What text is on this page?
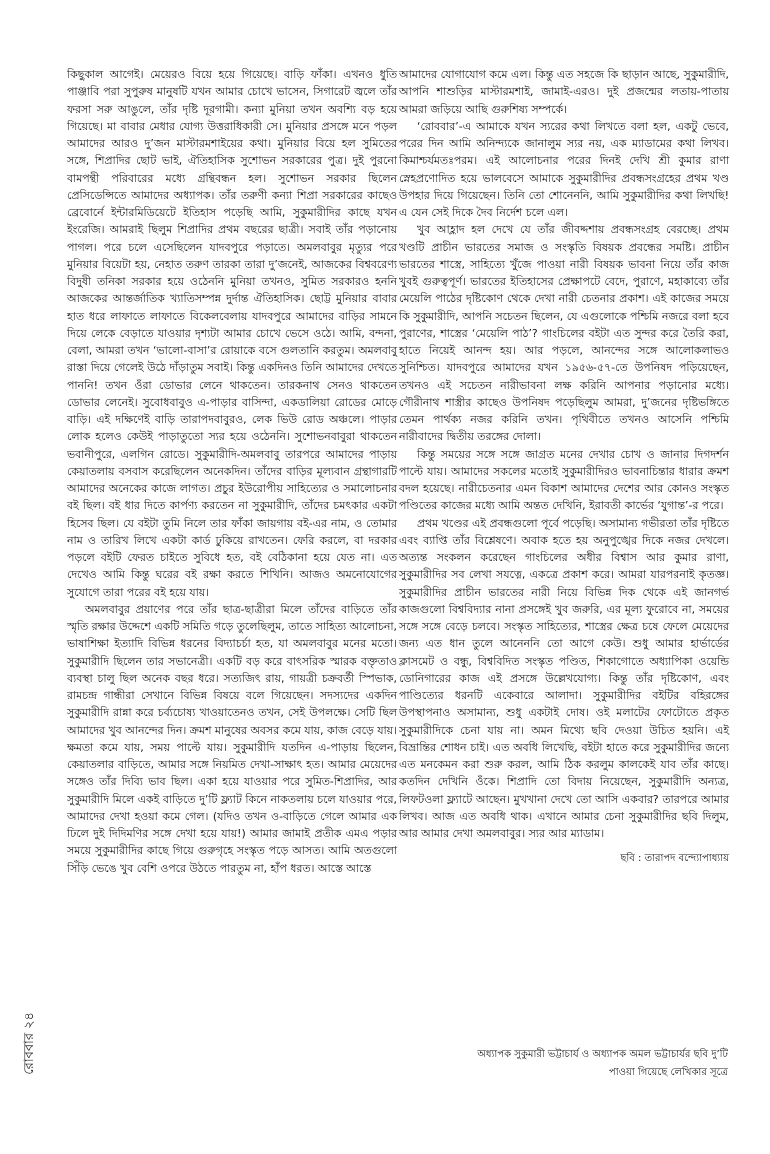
রোববার ২৪

কিছুকাল আগেই। মেয়েরও বিয়ে হয়ে গিয়েছে। বাড়ি ফাঁকা। এখনও ধুতি পাঞ্জাবি পরা সুপুরুষ মানুষটি যখন আমার চোখে ভাসেন, সিগারেট জ্বলে তাঁর ফরসা সরু আঙুলে, তাঁর দৃষ্টি দূরগামী। কন্যা মুনিয়া তখন অবশ্যি বড় হয়ে গিয়েছে। মা বাবার মেধার যোগ্য উত্তরাধিকারী সে। মুনিয়ার প্রসঙ্গে মনে পড়ল আমাদের আরও দু’জন মাস্টারমশাইয়ের কথা। মুনিয়ার বিয়ে হল সুমিতের সঙ্গে, শিপ্রাদির ছোট ভাই, ঐতিহাসিক সুশোভন সরকারের পুত্র। দুই পুরনো বামপন্থী পরিবারের মধ্যে গ্রন্থিবন্ধন হল। সুশোভন সরকার ছিলেন প্রেসিডেন্সিতে আমাদের অধ্যাপক। তাঁর তরুণী কন্যা শিপ্রা সরকারের কাছেও ব্রেবোর্নে ইন্টারমিডিয়েটে ইতিহাস পড়েছি আমি, সুকুমারীদির কাছে যখন ইংরেজি। আমরাই ছিলুম শিপ্রাদির প্রথম বছরের ছাত্রী। সবাই তাঁর পড়ানোয় পাগল। পরে চলে এসেছিলেন যাদবপুরে পড়াতে। অমলবাবুর মৃত্যুর পরে মুনিয়ার বিয়েটা হয়, নেহাত তরুণ তারকা তারা দু’জনেই, আজকের বিশ্ববরেণ্য বিদুষী তনিকা সরকার হয়ে ওঠেননি মুনিয়া তখনও, সুমিত সরকারও হননি আজকের আন্তর্জাতিক খ্যাতিসম্পন্ন দুর্দান্ত ঐতিহাসিক। ছোট্ট মুনিয়ার বাবার হাত ধরে লাফাতে লাফাতে বিকেলবেলায় যাদবপুরে আমাদের বাড়ির সামনে দিয়ে লেকে বেড়াতে যাওয়ার দৃশ্যটা আমার চোখে ভেসে ওঠে। আমি, বন্দনা, বেলা, আমরা তখন ‘ভালো-বাসা’র রোয়াকে বসে গুলতানি করতুম। অমলবাবু রাস্তা দিয়ে গেলেই উঠে দাঁড়াতুম সবাই। কিন্তু একদিনও তিনি আমাদের দেখতে পাননি! তখন ওঁরা ডোভার লেনে থাকতেন। তারকনাথ সেনও থাকতেন ডোভার লেনেই। সুবোধবাবুও এ-পাড়ার বাসিন্দা, একডালিয়া রোডের মোড়ে বাড়ি। এই দক্ষিণেই বাড়ি তারাপদবাবুরও, লেক ভিউ রোড অঞ্চলে। পাড়ার লোক হলেও কেউই পাড়াতুতো স্যর হয়ে ওঠেননি। সুশোভনবাবুরা থাকতেন ভবানীপুরে, এলগিন রোডে। সুকুমারীদি-অমলবাবু তারপরে আমাদের পাড়ায় কেয়াতলায় বসবাস করেছিলেন অনেকদিন। তাঁদের বাড়ির মূল্যবান গ্রন্থাগারটি আমাদের অনেকের কাজে লাগত। প্রচুর ইউরোপীয় সাহিত্যের ও সমালোচনার বই ছিল। বই ধার দিতে কার্পণ্য করতেন না সুকুমারীদি, তাঁদের চমৎকার একটা হিসেব ছিল। যে বইটা তুমি নিলে তার ফাঁকা জায়গায় বই-এর নাম, ও তোমার নাম ও তারিখ লিখে একটা কার্ড ঢুকিয়ে রাখতেন। ফেরি করলে, বা দরকার পড়লে বইটি ফেরত চাইতে সুবিধে হত, বই বেঠিকানা হয়ে যেত না। এত দেখেও আমি কিন্তু ঘরের বই রক্ষা করতে শিখিনি। আজও অমনোযোগের সুযোগে তারা পরের বই হয়ে যায়।

অমলবাবুর প্রয়াণের পরে তাঁর ছাত্র-ছাত্রীরা মিলে তাঁদের বাড়িতে তাঁর স্মৃতি রক্ষার উদ্দেশে একটি সমিতি গড়ে তুলেছিলুম, তাতে সাহিত্য আলোচনা, ভাষাশিক্ষা ইত্যাদি বিভিন্ন ধরনের বিদ্যাচর্চা হত, যা অমলবাবুর মনের মতো। সুকুমারীদি ছিলেন তার সভানেত্রী। একটি বড় করে বাৎসরিক স্মারক বক্তৃতাও ব্যবস্থা চালু ছিল অনেক বছর ধরে। সত্যজিৎ রায়, গায়ত্রী চক্রবর্তী স্পিভাক, রামচন্দ্র গান্ধীরা সেখানে বিভিন্ন বিষয়ে বলে গিয়েছেন। সদস্যদের একদিন সুকুমারীদি রান্না করে চর্ব্যচোষ্য খাওয়াতেনও তখন, সেই উপলক্ষে। সেটি ছিল আমাদের খুব আনন্দের দিন। ক্রমশ মানুষের অবসর কমে যায়, কাজ বেড়ে যায়। ক্ষমতা কমে যায়, সময় পাল্টে যায়। সুকুমারীদি যতদিন এ-পাড়ায় ছিলেন, কেয়াতলার বাড়িতে, আমার সঙ্গে নিয়মিত দেখা-সাক্ষাৎ হত। আমার মেয়েদের সঙ্গেও তাঁর দিব্যি ভাব ছিল। একা হয়ে যাওয়ার পরে সুমিত-শিপ্রাদির, আর সুকুমারীদি মিলে একই বাড়িতে দু’টি ফ্ল্যাট কিনে নাকতলায় চলে যাওয়ার পরে, আমাদের দেখা হওয়া কমে গেল। (যদিও তখন ও-বাড়িতে গেলে আমার এক ঢিলে দুই দিদিমণির সঙ্গে দেখা হয়ে যায়!) আমার জামাই প্রতীক এমএ পড়ার সময়ে সুকুমারীদির কাছে গিয়ে গুরুগৃহে সংস্কৃত পড়ে আসত। আমি অতগুলো সিঁড়ি ভেঙে খুব বেশি ওপরে উঠতে পারতুম না, হাঁপ ধরত। আস্তে আস্তে

আমাদের যোগাযোগ কমে এল। কিন্তু এত সহজে কি ছাড়ান আছে, সুকুমারীদি, আপনি শাশুড়ির মাস্টারমশাই, জামাই-এরও। দুই প্রজন্মের লতায়-পাতায় আমরা জড়িয়ে আছি গুরুশিষ্য সম্পর্কে।

‘রোববার’-এ আমাকে যখন স্যরের কথা লিখতে বলা হল, একটু ভেবে, পরের দিন আমি অনিন্দ্যকে জানালুম স্যর নয়, এক ম্যাডামের কথা লিখব। কিমাশ্চর্যমতঃপরম। এই আলোচনার পরের দিনই দেখি শ্রী কুমার রাণা স্নেহপ্রণোদিত হয়ে ভালবেসে আমাকে সুকুমারীদির প্রবন্ধসংগ্রহের প্রথম খণ্ড উপহার দিয়ে গিয়েছেন। তিনি তো শোনেননি, আমি সুকুমারীদির কথা লিখছি! এ যেন সেই দিকে দৈব নির্দেশ চলে এল।

খুব আহ্লাদ হল দেখে যে তাঁর জীবদ্দশায় প্রবন্ধসংগ্রহ বেরচ্ছে। প্রথম খণ্ডটি প্রাচীন ভারতের সমাজ ও সংস্কৃতি বিষয়ক প্রবন্ধের সমষ্টি। প্রাচীন ভারতের শাস্ত্রে, সাহিত্যে খুঁজে পাওয়া নারী বিষয়ক ভাবনা নিয়ে তাঁর কাজ খুবই গুরুত্বপূর্ণ। ভারতের ইতিহাসের প্রেক্ষাপটে বেদে, পুরাণে, মহাকাব্যে তাঁর মেয়েলি পাঠের দৃষ্টিকোণ থেকে দেখা নারী চেতনার প্রকাশ। এই কাজের সময়ে কি সুকুমারীদি, আপনি সচেতন ছিলেন, যে এগুলোকে পশ্চিমি নজরে বলা হবে পুরাণের, শাস্ত্রের ‘মেয়েলি পাঠ’? গাংচিলের বইটা এত সুন্দর করে তৈরি করা, হাতে নিয়েই আনন্দ হয়। আর পড়লে, আনন্দের সঙ্গে আলোকলাভও সুনিশ্চিত। যাদবপুরে আমাদের যখন ১৯৫৬-৫৭-তে উপনিষদ পড়িয়েছেন, তখনও এই সচেতন নারীভাবনা লক্ষ করিনি আপনার পড়ানোর মধ্যে। গৌরীনাথ শাস্ত্রীর কাছেও উপনিষদ পড়েছিলুম আমরা, দু’জনের দৃষ্টিভঙ্গিতে তেমন পার্থক্য নজর করিনি তখন। পৃথিবীতে তখনও আসেনি পশ্চিমি নারীবাদের দ্বিতীয় তরঙ্গের দোলা।

কিন্তু সময়ের সঙ্গে সঙ্গে জাগ্রত মনের দেখার চোখ ও জানার দিগদর্শন পাল্টে যায়। আমাদের সকলের মতোই সুকুমারীদিরও ভাবনাচিন্তার ধারার ক্রমশ বদল হয়েছে। নারীচেতনার এমন বিকাশ আমাদের দেশের আর কোনও সংস্কৃত পণ্ডিতের কাজের মধ্যে আমি অন্তত দেখিনি, ইরাবতী কার্ভের ‘যুগান্ত’-র পরে।

প্রথম খণ্ডের এই প্রবন্ধগুলো পূর্বে পড়েছি। অসামান্য গভীরতা তাঁর দৃষ্টিতে এবং ব্যাপ্তি তাঁর বিশ্লেষণে। অবাক হতে হয় অনুপুঙ্খের দিকে নজর দেখলে। অত্যন্ত সংকলন করেছেন গাংচিলের অধীর বিশ্বাস আর কুমার রাণা, সুকুমারীদির সব লেখা সযত্নে, একত্রে প্রকাশ করে। আমরা যারপরনাই কৃতজ্ঞ। সুকুমারীদির প্রাচীন ভারতের নারী নিয়ে বিভিন্ন দিক থেকে এই জানগর্ভ কাজগুলো বিশ্ববিদ্যার নানা প্রসঙ্গেই খুব জরুরি, এর মূল্য ফুরোবে না, সময়ের সঙ্গে সঙ্গে বেড়ে চলবে। সংস্কৃত সাহিত্যের, শাস্ত্রের ক্ষেত্র চষে ফেলে মেয়েদের জন্য এত ধান তুলে আনেননি তো আগে কেউ। শুধু আমার হার্ভার্ডের ক্লাসমেট ও বন্ধু, বিশ্ববিদিত সংস্কৃত পণ্ডিত, শিকাগোতে অধ্যাপিকা ওয়েন্ডি ডোনিগারের কাজ এই প্রসঙ্গে উল্লেখযোগ্য। কিন্তু তাঁর দৃষ্টিকোণ, এবং পাণ্ডিত্যের ধরনটি একেবারে আলাদা। সুকুমারীদির বইটির বহিরঙ্গের উপস্থাপনাও অসামান্য, শুধু একটাই দোষ। ওই মলাটের ফোটোতে প্রকৃত সুকুমারীদিকে চেনা যায় না। অমন মিথ্যে ছবি দেওয়া উচিত হয়নি। এই বিভ্রান্তির শোধন চাই। এত অবধি লিখেছি, বইটা হাতে করে সুকুমারীদির জন্যে এত মনকেমন করা শুরু করল, আমি ঠিক করলুম কালকেই যাব তাঁর কাছে। কতদিন দেখিনি ওঁকে। শিপ্রাদি তো বিদায় নিয়েছেন, সুকুমারীদি অন্যত্র, লিফটওলা ফ্ল্যাটে আছেন। মুখখানা দেখে তো আসি একবার? তারপরে আমার লিখব। আজ এত অবধি থাক। এখানে আমার চেনা সুকুমারীদির ছবি দিলুম, আর আমার দেখা অমলবাবুর। স্যর আর ম্যাডাম।

ছবি : তারাপদ বন্দ্যোপাধ্যায়
অধ্যাপক সুকুমারী ভট্টাচার্য ও অধ্যাপক অমল ভট্টাচার্যর ছবি দু’টি
পাওয়া গিয়েছে লেখিকার সূত্রে
